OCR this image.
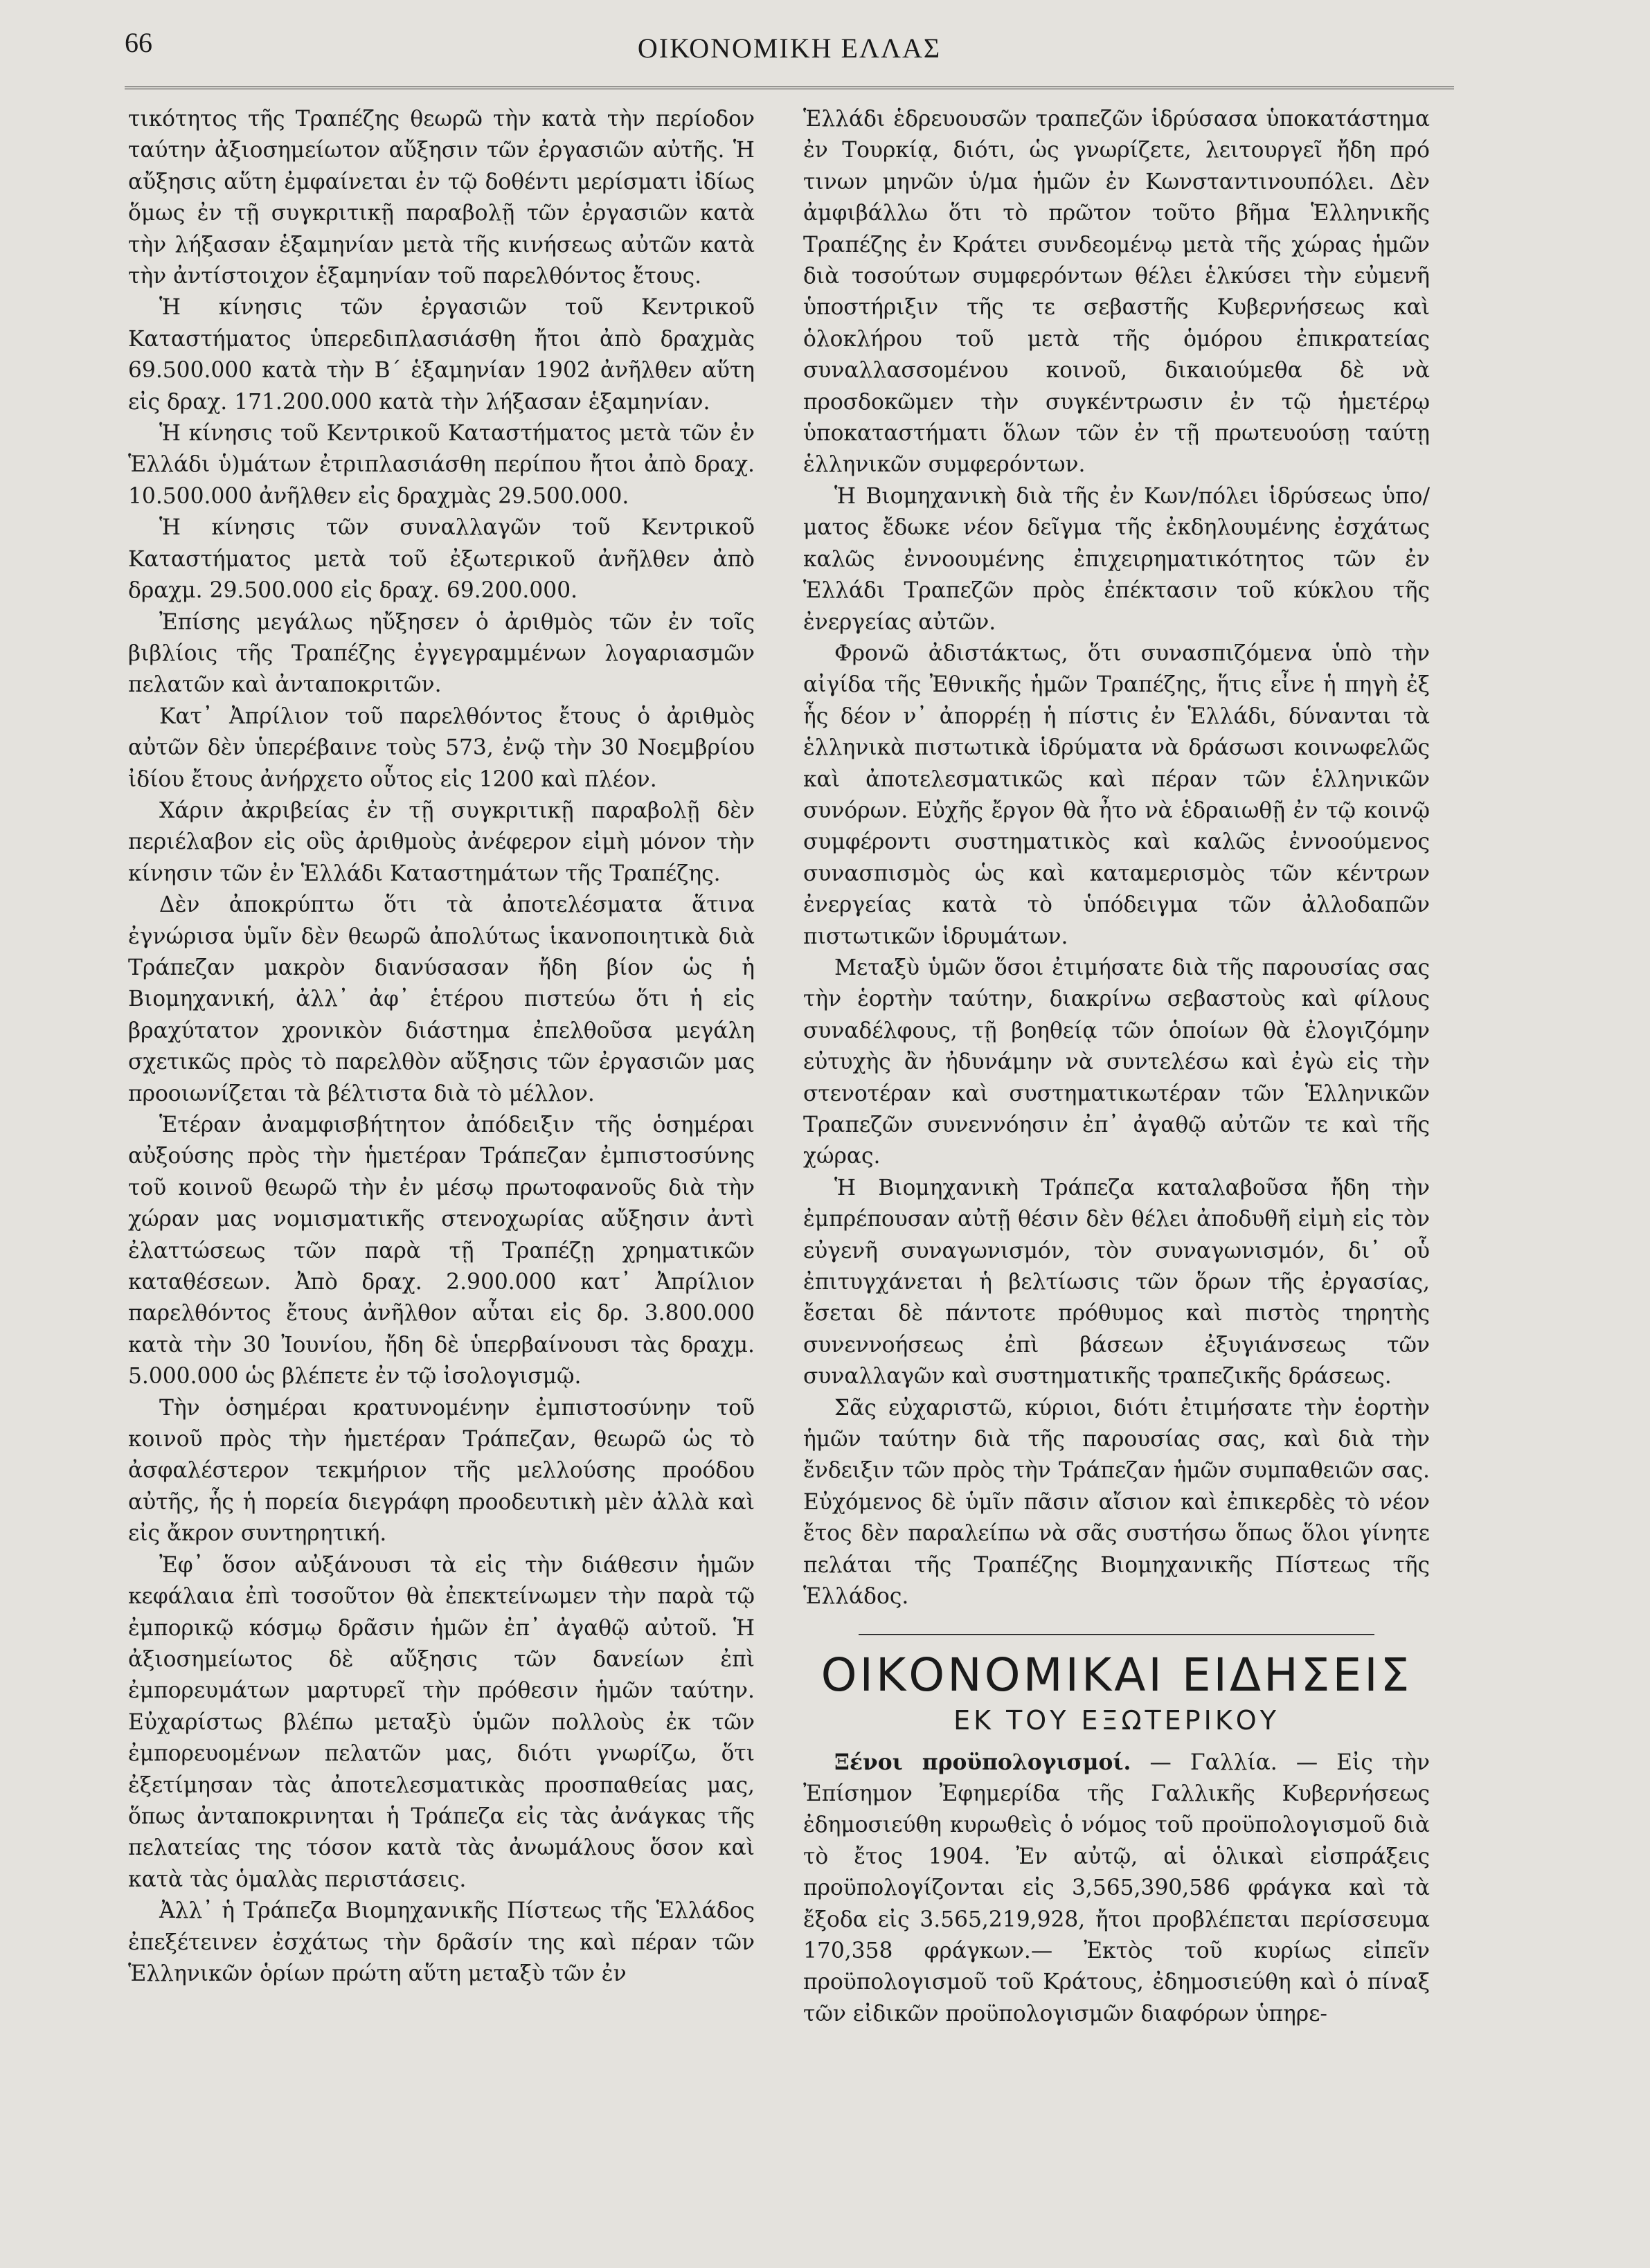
66	ΟΙΚΟΝΟΜΙΚΗ ΕΛΛΑΣ

τικότητος τῆς Τραπέζης θεωρῶ τὴν κατὰ τὴν περίοδον ταύτην ἀξιοσημείωτον αὔξησιν τῶν ἐργασιῶν αὐτῆς. Ἡ αὔξησις αὕτη ἐμφαίνεται ἐν τῷ δοθέντι μερίσματι ἰδίως ὅμως ἐν τῇ συγκριτικῇ παραβολῇ τῶν ἐργασιῶν κατὰ τὴν λήξασαν ἑξαμηνίαν μετὰ τῆς κινήσεως αὐτῶν κατὰ τὴν ἀντίστοιχον ἑξαμηνίαν τοῦ παρελθόντος ἔτους.

Ἡ κίνησις τῶν ἐργασιῶν τοῦ Κεντρικοῦ Καταστήματος ὑπερεδιπλασιάσθη ἤτοι ἀπὸ δραχμὰς 69.500.000 κατὰ τὴν Β΄ ἑξαμηνίαν 1902 ἀνῆλθεν αὕτη εἰς δραχ. 171.200.000 κατὰ τὴν λήξασαν ἑξαμηνίαν.

Ἡ κίνησις τοῦ Κεντρικοῦ Καταστήματος μετὰ τῶν ἐν Ἑλλάδι ὑ)μάτων ἐτριπλασιάσθη περίπου ἤτοι ἀπὸ δραχ. 10.500.000 ἀνῆλθεν εἰς δραχμὰς 29.500.000.

Ἡ κίνησις τῶν συναλλαγῶν τοῦ Κεντρικοῦ Καταστήματος μετὰ τοῦ ἐξωτερικοῦ ἀνῆλθεν ἀπὸ δραχμ. 29.500.000 εἰς δραχ. 69.200.000.

Ἐπίσης μεγάλως ηὔξησεν ὁ ἀριθμὸς τῶν ἐν τοῖς βιβλίοις τῆς Τραπέζης ἐγγεγραμμένων λογαριασμῶν πελατῶν καὶ ἀνταποκριτῶν.

Κατ᾽ Ἀπρίλιον τοῦ παρελθόντος ἔτους ὁ ἀριθμὸς αὐτῶν δὲν ὑπερέβαινε τοὺς 573, ἐνῷ τὴν 30 Νοεμβρίου ἰδίου ἔτους ἀνήρχετο οὗτος εἰς 1200 καὶ πλέον.

Χάριν ἀκριβείας ἐν τῇ συγκριτικῇ παραβολῇ δὲν περιέλαβον εἰς οὓς ἀριθμοὺς ἀνέφερον εἰμὴ μόνον τὴν κίνησιν τῶν ἐν Ἑλλάδι Καταστημάτων τῆς Τραπέζης.

Δὲν ἀποκρύπτω ὅτι τὰ ἀποτελέσματα ἅτινα ἐγνώρισα ὑμῖν δὲν θεωρῶ ἀπολύτως ἱκανοποιητικὰ διὰ Τράπεζαν μακρὸν διανύσασαν ἤδη βίον ὡς ἡ Βιομηχανική, ἀλλ᾽ ἀφ᾽ ἑτέρου πιστεύω ὅτι ἡ εἰς βραχύτατον χρονικὸν διάστημα ἐπελθοῦσα μεγάλη σχετικῶς πρὸς τὸ παρελθὸν αὔξησις τῶν ἐργασιῶν μας προοιωνίζεται τὰ βέλτιστα διὰ τὸ μέλλον.

Ἑτέραν ἀναμφισβήτητον ἀπόδειξιν τῆς ὁσημέραι αὐξούσης πρὸς τὴν ἡμετέραν Τράπεζαν ἐμπιστοσύνης τοῦ κοινοῦ θεωρῶ τὴν ἐν μέσῳ πρωτοφανοῦς διὰ τὴν χώραν μας νομισματικῆς στενοχωρίας αὔξησιν ἀντὶ ἐλαττώσεως τῶν παρὰ τῇ Τραπέζῃ χρηματικῶν καταθέσεων. Ἀπὸ δραχ. 2.900.000 κατ᾽ Ἀπρίλιον παρελθόντος ἔτους ἀνῆλθον αὗται εἰς δρ. 3.800.000 κατὰ τὴν 30 Ἰουνίου, ἤδη δὲ ὑπερβαίνουσι τὰς δραχμ. 5.000.000 ὡς βλέπετε ἐν τῷ ἰσολογισμῷ.

Τὴν ὁσημέραι κρατυνομένην ἐμπιστοσύνην τοῦ κοινοῦ πρὸς τὴν ἡμετέραν Τράπεζαν, θεωρῶ ὡς τὸ ἀσφαλέστερον τεκμήριον τῆς μελλούσης προόδου αὐτῆς, ἧς ἡ πορεία διεγράφη προοδευτικὴ μὲν ἀλλὰ καὶ εἰς ἄκρον συντηρητική.

Ἐφ᾽ ὅσον αὐξάνουσι τὰ εἰς τὴν διάθεσιν ἡμῶν κεφάλαια ἐπὶ τοσοῦτον θὰ ἐπεκτείνωμεν τὴν παρὰ τῷ ἐμπορικῷ κόσμῳ δρᾶσιν ἡμῶν ἐπ᾽ ἀγαθῷ αὐτοῦ. Ἡ ἀξιοσημείωτος δὲ αὔξησις τῶν δανείων ἐπὶ ἐμπορευμάτων μαρτυρεῖ τὴν πρόθεσιν ἡμῶν ταύτην. Εὐχαρίστως βλέπω μεταξὺ ὑμῶν πολλοὺς ἐκ τῶν ἐμπορευομένων πελατῶν μας, διότι γνωρίζω, ὅτι ἐξετίμησαν τὰς ἀποτελεσματικὰς προσπαθείας μας, ὅπως ἀνταποκρινηται ἡ Τράπεζα εἰς τὰς ἀνάγκας τῆς πελατείας της τόσον κατὰ τὰς ἀνωμάλους ὅσον καὶ κατὰ τὰς ὁμαλὰς περιστάσεις.

Ἀλλ᾽ ἡ Τράπεζα Βιομηχανικῆς Πίστεως τῆς Ἑλλάδος ἐπεξέτεινεν ἐσχάτως τὴν δρᾶσίν της καὶ πέραν τῶν Ἑλληνικῶν ὁρίων πρώτη αὕτη μεταξὺ τῶν ἐν

Ἑλλάδι ἑδρευουσῶν τραπεζῶν ἱδρύσασα ὑποκατάστημα ἐν Τουρκίᾳ, διότι, ὡς γνωρίζετε, λειτουργεῖ ἤδη πρό τινων μηνῶν ὑ/μα ἡμῶν ἐν Κωνσταντινουπόλει. Δὲν ἀμφιβάλλω ὅτι τὸ πρῶτον τοῦτο βῆμα Ἑλληνικῆς Τραπέζης ἐν Κράτει συνδεομένῳ μετὰ τῆς χώρας ἡμῶν διὰ τοσούτων συμφερόντων θέλει ἑλκύσει τὴν εὐμενῆ ὑποστήριξιν τῆς τε σεβαστῆς Κυβερνήσεως καὶ ὁλοκλήρου τοῦ μετὰ τῆς ὁμόρου ἐπικρατείας συναλλασσομένου κοινοῦ, δικαιούμεθα δὲ νὰ προσδοκῶμεν τὴν συγκέντρωσιν ἐν τῷ ἡμετέρῳ ὑποκαταστήματι ὅλων τῶν ἐν τῇ πρωτευούσῃ ταύτῃ ἑλληνικῶν συμφερόντων.

Ἡ Βιομηχανικὴ διὰ τῆς ἐν Κων/πόλει ἱδρύσεως ὑπο/ματος ἔδωκε νέον δεῖγμα τῆς ἐκδηλουμένης ἐσχάτως καλῶς ἐννοουμένης ἐπιχειρηματικότητος τῶν ἐν Ἑλλάδι Τραπεζῶν πρὸς ἐπέκτασιν τοῦ κύκλου τῆς ἐνεργείας αὐτῶν.

Φρονῶ ἀδιστάκτως, ὅτι συνασπιζόμενα ὑπὸ τὴν αἰγίδα τῆς Ἐθνικῆς ἡμῶν Τραπέζης, ἥτις εἶνε ἡ πηγὴ ἐξ ἧς δέον ν᾽ ἀπορρέῃ ἡ πίστις ἐν Ἑλλάδι, δύνανται τὰ ἑλληνικὰ πιστωτικὰ ἱδρύματα νὰ δράσωσι κοινωφελῶς καὶ ἀποτελεσματικῶς καὶ πέραν τῶν ἑλληνικῶν συνόρων. Εὐχῆς ἔργον θὰ ἦτο νὰ ἑδραιωθῇ ἐν τῷ κοινῷ συμφέροντι συστηματικὸς καὶ καλῶς ἐννοούμενος συνασπισμὸς ὡς καὶ καταμερισμὸς τῶν κέντρων ἐνεργείας κατὰ τὸ ὑπόδειγμα τῶν ἀλλοδαπῶν πιστωτικῶν ἱδρυμάτων.

Μεταξὺ ὑμῶν ὅσοι ἐτιμήσατε διὰ τῆς παρουσίας σας τὴν ἑορτὴν ταύτην, διακρίνω σεβαστοὺς καὶ φίλους συναδέλφους, τῇ βοηθείᾳ τῶν ὁποίων θὰ ἐλογιζόμην εὐτυχὴς ἂν ἠδυνάμην νὰ συντελέσω καὶ ἐγὼ εἰς τὴν στενοτέραν καὶ συστηματικωτέραν τῶν Ἑλληνικῶν Τραπεζῶν συνεννόησιν ἐπ᾽ ἀγαθῷ αὐτῶν τε καὶ τῆς χώρας.

Ἡ Βιομηχανικὴ Τράπεζα καταλαβοῦσα ἤδη τὴν ἐμπρέπουσαν αὐτῇ θέσιν δὲν θέλει ἀποδυθῆ εἰμὴ εἰς τὸν εὐγενῆ συναγωνισμόν, τὸν συναγωνισμόν, δι᾽ οὗ ἐπιτυγχάνεται ἡ βελτίωσις τῶν ὅρων τῆς ἐργασίας, ἔσεται δὲ πάντοτε πρόθυμος καὶ πιστὸς τηρητὴς συνεννοήσεως ἐπὶ βάσεων ἐξυγιάνσεως τῶν συναλλαγῶν καὶ συστηματικῆς τραπεζικῆς δράσεως.

Σᾶς εὐχαριστῶ, κύριοι, διότι ἐτιμήσατε τὴν ἑορτὴν ἡμῶν ταύτην διὰ τῆς παρουσίας σας, καὶ διὰ τὴν ἔνδειξιν τῶν πρὸς τὴν Τράπεζαν ἡμῶν συμπαθειῶν σας. Εὐχόμενος δὲ ὑμῖν πᾶσιν αἴσιον καὶ ἐπικερδὲς τὸ νέον ἔτος δὲν παραλείπω νὰ σᾶς συστήσω ὅπως ὅλοι γίνητε πελάται τῆς Τραπέζης Βιομηχανικῆς Πίστεως τῆς Ἑλλάδος.

ΟΙΚΟΝΟΜΙΚΑΙ ΕΙΔΗΣΕΙΣ
ΕΚ ΤΟΥ ΕΞΩΤΕΡΙΚΟΥ

Ξένοι προϋπολογισμοί. — Γαλλία. — Εἰς τὴν Ἐπίσημον Ἐφημερίδα τῆς Γαλλικῆς Κυβερνήσεως ἐδημοσιεύθη κυρωθεὶς ὁ νόμος τοῦ προϋπολογισμοῦ διὰ τὸ ἔτος 1904. Ἐν αὐτῷ, αἱ ὁλικαὶ εἰσπράξεις προϋπολογίζονται εἰς 3,565,390,586 φράγκα καὶ τὰ ἔξοδα εἰς 3.565,219,928, ἤτοι προβλέπεται περίσσευμα 170,358 φράγκων.— Ἐκτὸς τοῦ κυρίως εἰπεῖν προϋπολογισμοῦ τοῦ Κράτους, ἐδημοσιεύθη καὶ ὁ πίναξ τῶν εἰδικῶν προϋπολογισμῶν διαφόρων ὑπηρε-
